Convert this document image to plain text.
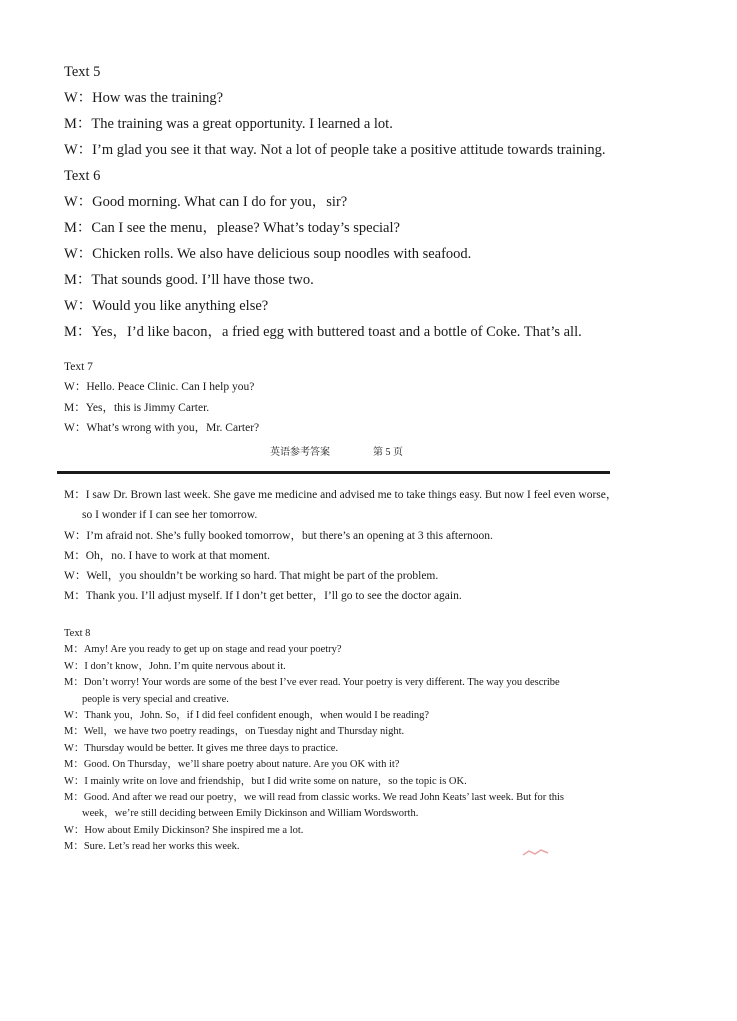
Text 5
W：How was the training?
M：The training was a great opportunity. I learned a lot.
W：I’m glad you see it that way. Not a lot of people take a positive attitude towards training.
Text 6
W：Good morning. What can I do for you，sir?
M：Can I see the menu，please? What’s today’s special?
W：Chicken rolls. We also have delicious soup noodles with seafood.
M：That sounds good. I’ll have those two.
W：Would you like anything else?
M：Yes，I’d like bacon，a fried egg with buttered toast and a bottle of Coke. That’s all.
Text 7
W：Hello. Peace Clinic. Can I help you?
M：Yes，this is Jimmy Carter.
W：What’s wrong with you，Mr. Carter?
英语参考答案	第 5 页
M：I saw Dr. Brown last week. She gave me medicine and advised me to take things easy. But now I feel even worse，
so I wonder if I can see her tomorrow.
W：I’m afraid not. She’s fully booked tomorrow，but there’s an opening at 3 this afternoon.
M：Oh，no. I have to work at that moment.
W：Well，you shouldn’t be working so hard. That might be part of the problem.
M：Thank you. I’ll adjust myself. If I don’t get better，I’ll go to see the doctor again.
Text 8
M：Amy! Are you ready to get up on stage and read your poetry?
W：I don’t know，John. I’m quite nervous about it.
M：Don’t worry! Your words are some of the best I’ve ever read. Your poetry is very different. The way you describe
people is very special and creative.
W：Thank you，John. So，if I did feel confident enough，when would I be reading?
M：Well，we have two poetry readings，on Tuesday night and Thursday night.
W：Thursday would be better. It gives me three days to practice.
M：Good. On Thursday，we’ll share poetry about nature. Are you OK with it?
W：I mainly write on love and friendship，but I did write some on nature，so the topic is OK.
M：Good. And after we read our poetry，we will read from classic works. We read John Keats’ last week. But for this
week，we’re still deciding between Emily Dickinson and William Wordsworth.
W：How about Emily Dickinson? She inspired me a lot.
M：Sure. Let’s read her works this week.
